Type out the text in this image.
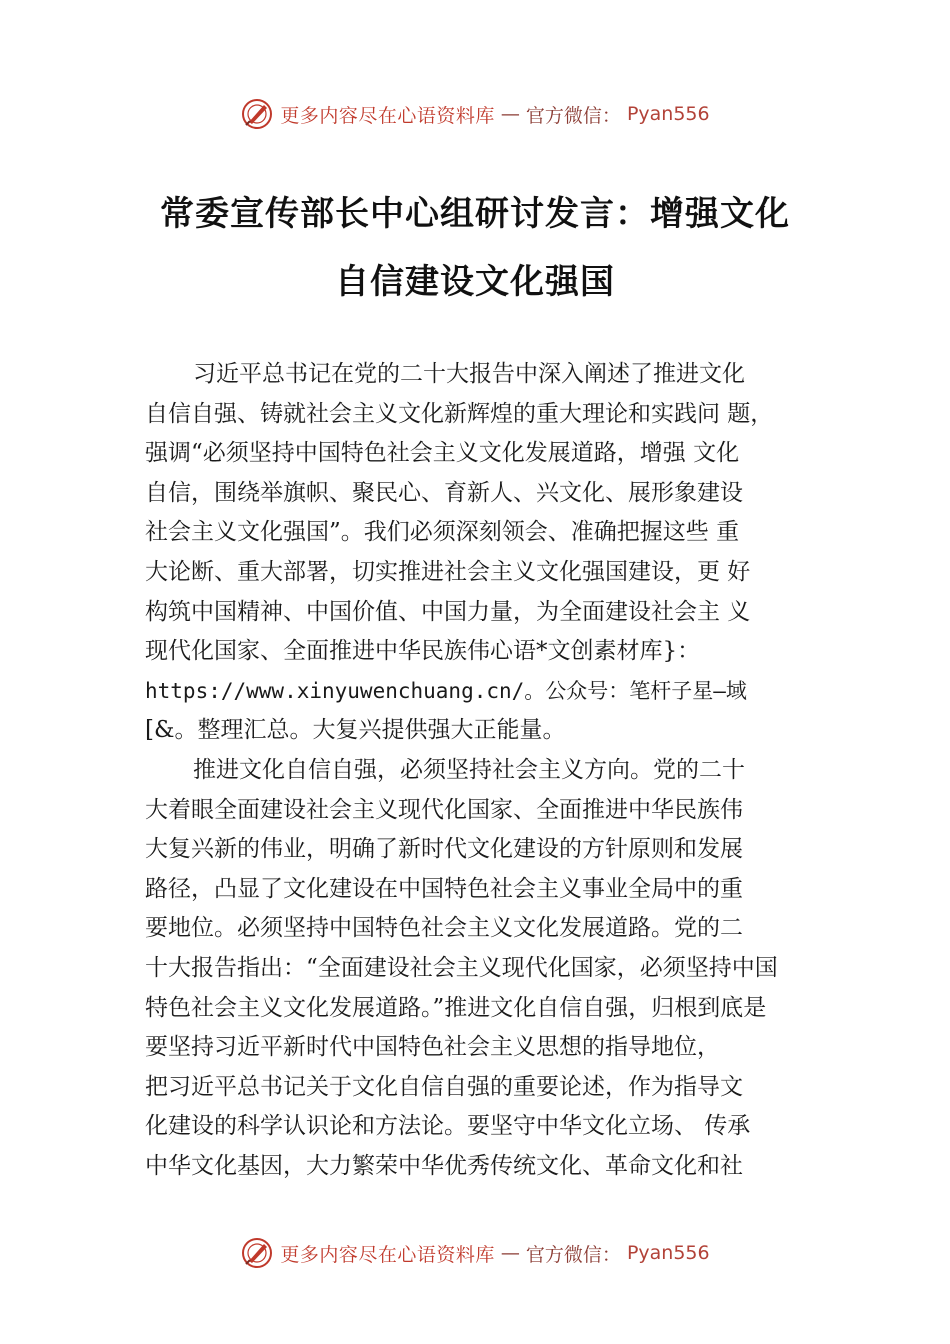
更多内容尽在心语资料库 — 官方微信： Pyan556
常委宣传部长中心组研讨发言：增强文化
自信建设文化强国
习近平总书记在党的二十大报告中深入阐述了推进文化
自信自强、铸就社会主义文化新辉煌的重大理论和实践问 题，
强调“必须坚持中国特色社会主义文化发展道路，增强 文化
自信，围绕举旗帜、聚民心、育新人、兴文化、展形象建设
社会主义文化强国”。我们必须深刻领会、准确把握这些 重
大论断、重大部署，切实推进社会主义文化强国建设，更 好
构筑中国精神、中国价值、中国力量，为全面建设社会主 义
现代化国家、全面推进中华民族伟心语*文创素材库}：
https://www.xinyuwenchuang.cn/。公众号：笔杆子星—域
[&。整理汇总。大复兴提供强大正能量。
推进文化自信自强，必须坚持社会主义方向。党的二十
大着眼全面建设社会主义现代化国家、全面推进中华民族伟
大复兴新的伟业，明确了新时代文化建设的方针原则和发展
路径，凸显了文化建设在中国特色社会主义事业全局中的重
要地位。必须坚持中国特色社会主义文化发展道路。党的二
十大报告指出：“全面建设社会主义现代化国家，必须坚持中国
特色社会主义文化发展道路。”推进文化自信自强，归根到底是
要坚持习近平新时代中国特色社会主义思想的指导地位，
把习近平总书记关于文化自信自强的重要论述，作为指导文
化建设的科学认识论和方法论。要坚守中华文化立场、 传承
中华文化基因，大力繁荣中华优秀传统文化、革命文化和社
更多内容尽在心语资料库 — 官方微信： Pyan556
